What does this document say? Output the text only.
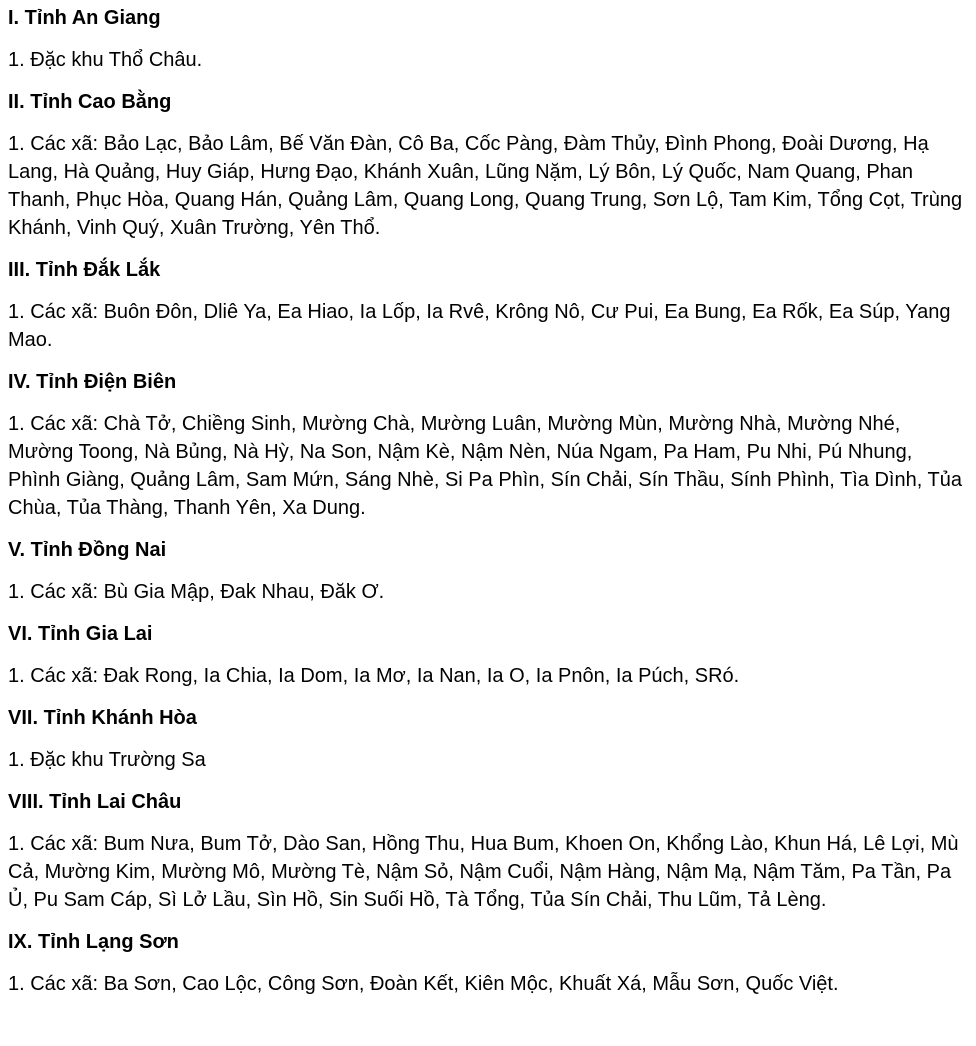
I. Tỉnh An Giang
1. Đặc khu Thổ Châu.
II. Tỉnh Cao Bằng
1. Các xã: Bảo Lạc, Bảo Lâm, Bế Văn Đàn, Cô Ba, Cốc Pàng, Đàm Thủy, Đình Phong, Đoài Dương, Hạ Lang, Hà Quảng, Huy Giáp, Hưng Đạo, Khánh Xuân, Lũng Nặm, Lý Bôn, Lý Quốc, Nam Quang, Phan Thanh, Phục Hòa, Quang Hán, Quảng Lâm, Quang Long, Quang Trung, Sơn Lộ, Tam Kim, Tổng Cọt, Trùng Khánh, Vinh Quý, Xuân Trường, Yên Thổ.
III. Tỉnh Đắk Lắk
1. Các xã: Buôn Đôn, Dliê Ya, Ea Hiao, Ia Lốp, Ia Rvê, Krông Nô, Cư Pui, Ea Bung, Ea Rốk, Ea Súp, Yang Mao.
IV. Tỉnh Điện Biên
1. Các xã: Chà Tở, Chiềng Sinh, Mường Chà, Mường Luân, Mường Mùn, Mường Nhà, Mường Nhé, Mường Toong, Nà Bủng, Nà Hỳ, Na Son, Nậm Kè, Nậm Nèn, Núa Ngam, Pa Ham, Pu Nhi, Pú Nhung, Phình Giàng, Quảng Lâm, Sam Mứn, Sáng Nhè, Si Pa Phìn, Sín Chải, Sín Thầu, Sính Phình, Tìa Dình, Tủa Chùa, Tủa Thàng, Thanh Yên, Xa Dung.
V. Tỉnh Đồng Nai
1. Các xã: Bù Gia Mập, Đak Nhau, Đăk Ơ.
VI. Tỉnh Gia Lai
1. Các xã: Đak Rong, Ia Chia, Ia Dom, Ia Mơ, Ia Nan, Ia O, Ia Pnôn, Ia Púch, SRó.
VII. Tỉnh Khánh Hòa
1. Đặc khu Trường Sa
VIII. Tỉnh Lai Châu
1. Các xã: Bum Nưa, Bum Tở, Dào San, Hồng Thu, Hua Bum, Khoen On, Khổng Lào, Khun Há, Lê Lợi, Mù Cả, Mường Kim, Mường Mô, Mường Tè, Nậm Sỏ, Nậm Cuổi, Nậm Hàng, Nậm Mạ, Nậm Tăm, Pa Tần, Pa Ủ, Pu Sam Cáp, Sì Lở Lầu, Sìn Hồ, Sin Suối Hồ, Tà Tổng, Tủa Sín Chải, Thu Lũm, Tả Lèng.
IX. Tỉnh Lạng Sơn
1. Các xã: Ba Sơn, Cao Lộc, Công Sơn, Đoàn Kết, Kiên Mộc, Khuất Xá, Mẫu Sơn, Quốc Việt.
